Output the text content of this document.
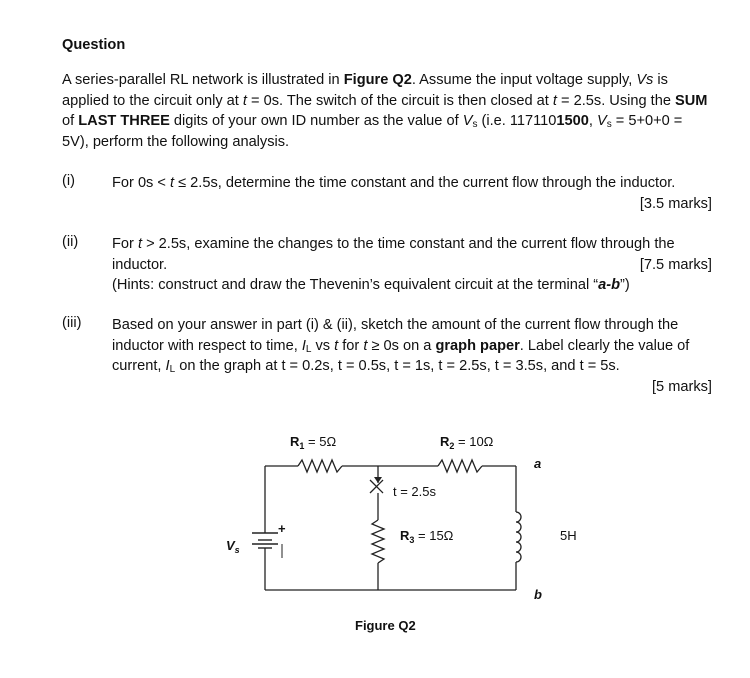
Question
A series-parallel RL network is illustrated in Figure Q2. Assume the input voltage supply, Vs is applied to the circuit only at t = 0s. The switch of the circuit is then closed at t = 2.5s. Using the SUM of LAST THREE digits of your own ID number as the value of $V_s$ (i.e. 1171101500, $V_s = 5+0+0 = 5V$), perform the following analysis.
(i)	For 0s < t ≤ 2.5s, determine the time constant and the current flow through the inductor.
[3.5 marks]
(ii) For t > 2.5s, examine the changes to the time constant and the current flow through the inductor.	[7.5 marks]
(Hints: construct and draw the Thevenin’s equivalent circuit at the terminal “a-b”)
(iii) Based on your answer in part (i) & (ii), sketch the amount of the current flow through the inductor with respect to time, $I_L$ vs t for t ≥ 0s on a graph paper. Label clearly the value of current, $I_L$ on the graph at t = 0.2s, t = 0.5s, t = 1s, t = 2.5s, t = 3.5s, and t = 5s.
[5 marks]
+
$V_s$
t = 2.5s
$R_1 = 5\Omega$	$R_2 = 10\Omega$
$R_3 = 15\Omega$	5H
a
b
Figure Q2
